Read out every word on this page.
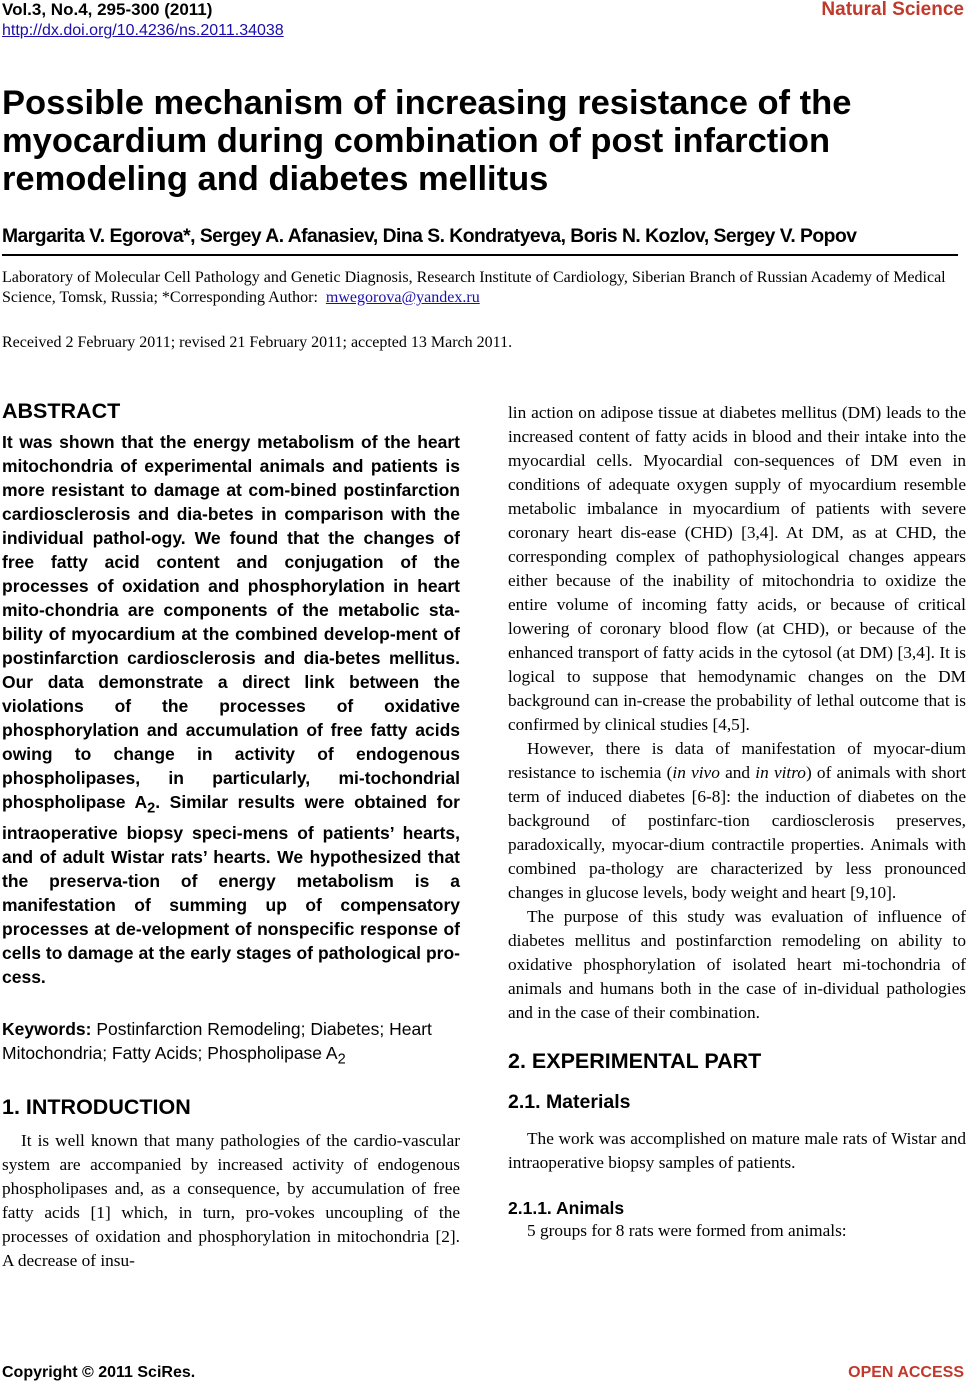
Vol.3, No.4, 295-300 (2011)
http://dx.doi.org/10.4236/ns.2011.34038
Natural Science
Possible mechanism of increasing resistance of the myocardium during combination of post infarction remodeling and diabetes mellitus
Margarita V. Egorova*, Sergey A. Afanasiev, Dina S. Kondratyeva, Boris N. Kozlov, Sergey V. Popov
Laboratory of Molecular Cell Pathology and Genetic Diagnosis, Research Institute of Cardiology, Siberian Branch of Russian Academy of Medical Science, Tomsk, Russia; *Corresponding Author: mwegorova@yandex.ru
Received 2 February 2011; revised 21 February 2011; accepted 13 March 2011.
ABSTRACT

It was shown that the energy metabolism of the heart mitochondria of experimental animals and patients is more resistant to damage at com-bined postinfarction cardiosclerosis and dia-betes in comparison with the individual pathol-ogy. We found that the changes of free fatty acid content and conjugation of the processes of oxidation and phosphorylation in heart mito-chondria are components of the metabolic sta-bility of myocardium at the combined develop-ment of postinfarction cardiosclerosis and dia-betes mellitus. Our data demonstrate a direct link between the violations of the processes of oxidative phosphorylation and accumulation of free fatty acids owing to change in activity of endogenous phospholipases, in particularly, mi-tochondrial phospholipase $A_2$. Similar results were obtained for intraoperative biopsy speci-mens of patients’ hearts, and of adult Wistar rats’ hearts. We hypothesized that the preserva-tion of energy metabolism is a manifestation of summing up of compensatory processes at de-velopment of nonspecific response of cells to damage at the early stages of pathological pro-cess.

Keywords: Postinfarction Remodeling; Diabetes; Heart Mitochondria; Fatty Acids; Phospholipase $A_2$

1. INTRODUCTION

It is well known that many pathologies of the cardio-vascular system are accompanied by increased activity of endogenous phospholipases and, as a consequence, by accumulation of free fatty acids [1] which, in turn, pro-vokes uncoupling of the processes of oxidation and phosphorylation in mitochondria [2]. A decrease of insu-

lin action on adipose tissue at diabetes mellitus (DM) leads to the increased content of fatty acids in blood and their intake into the myocardial cells. Myocardial con-sequences of DM even in conditions of adequate oxygen supply of myocardium resemble metabolic imbalance in myocardium of patients with severe coronary heart dis-ease (CHD) [3,4]. At DM, as at CHD, the corresponding complex of pathophysiological changes appears either because of the inability of mitochondria to oxidize the entire volume of incoming fatty acids, or because of critical lowering of coronary blood flow (at CHD), or because of the enhanced transport of fatty acids in the cytosol (at DM) [3,4]. It is logical to suppose that hemodynamic changes on the DM background can in-crease the probability of lethal outcome that is confirmed by clinical studies [4,5].

However, there is data of manifestation of myocar-dium resistance to ischemia (in vivo and in vitro) of animals with short term of induced diabetes [6-8]: the induction of diabetes on the background of postinfarc-tion cardiosclerosis preserves, paradoxically, myocar-dium contractile properties. Animals with combined pa-thology are characterized by less pronounced changes in glucose levels, body weight and heart [9,10].

The purpose of this study was evaluation of influence of diabetes mellitus and postinfarction remodeling on ability to oxidative phosphorylation of isolated heart mi-tochondria of animals and humans both in the case of in-dividual pathologies and in the case of their combination.

2. EXPERIMENTAL PART
2.1. Materials

The work was accomplished on mature male rats of Wistar and intraoperative biopsy samples of patients.

2.1.1. Animals

5 groups for 8 rats were formed from animals:

Copyright © 2011 SciRes.	OPEN ACCESS
